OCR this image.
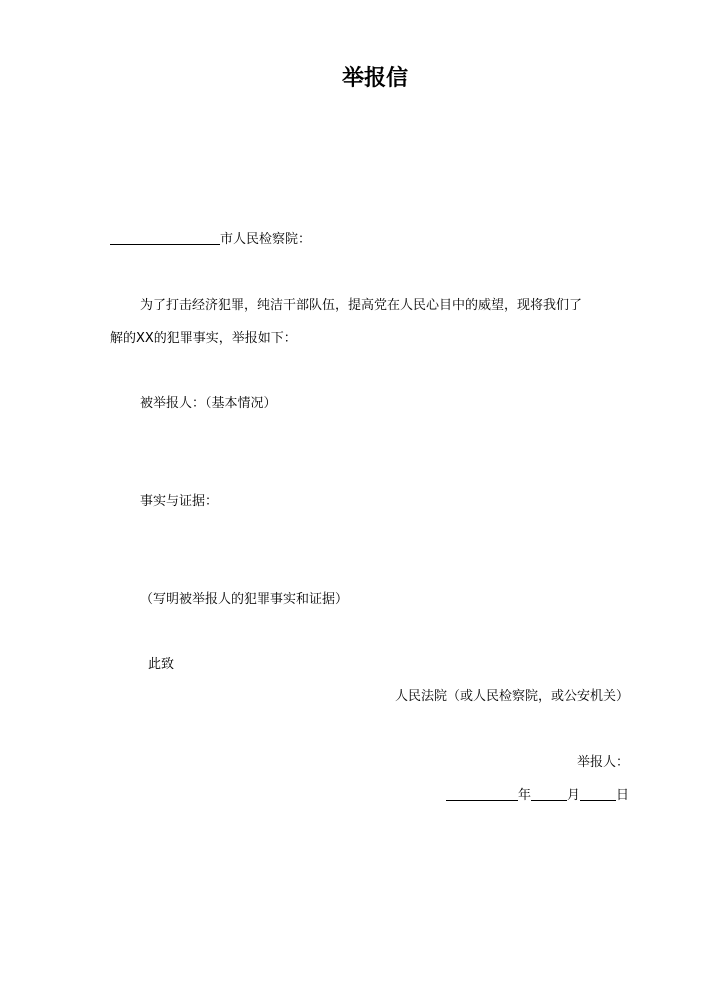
举报信
市人民检察院：
为了打击经济犯罪，纯洁干部队伍，提高党在人民心目中的威望，现将我们了
解的XX的犯罪事实，举报如下：
被举报人：（基本情况）
事实与证据：
（写明被举报人的犯罪事实和证据）
此致
人民法院（或人民检察院，或公安机关）
举报人：
年	月	日
